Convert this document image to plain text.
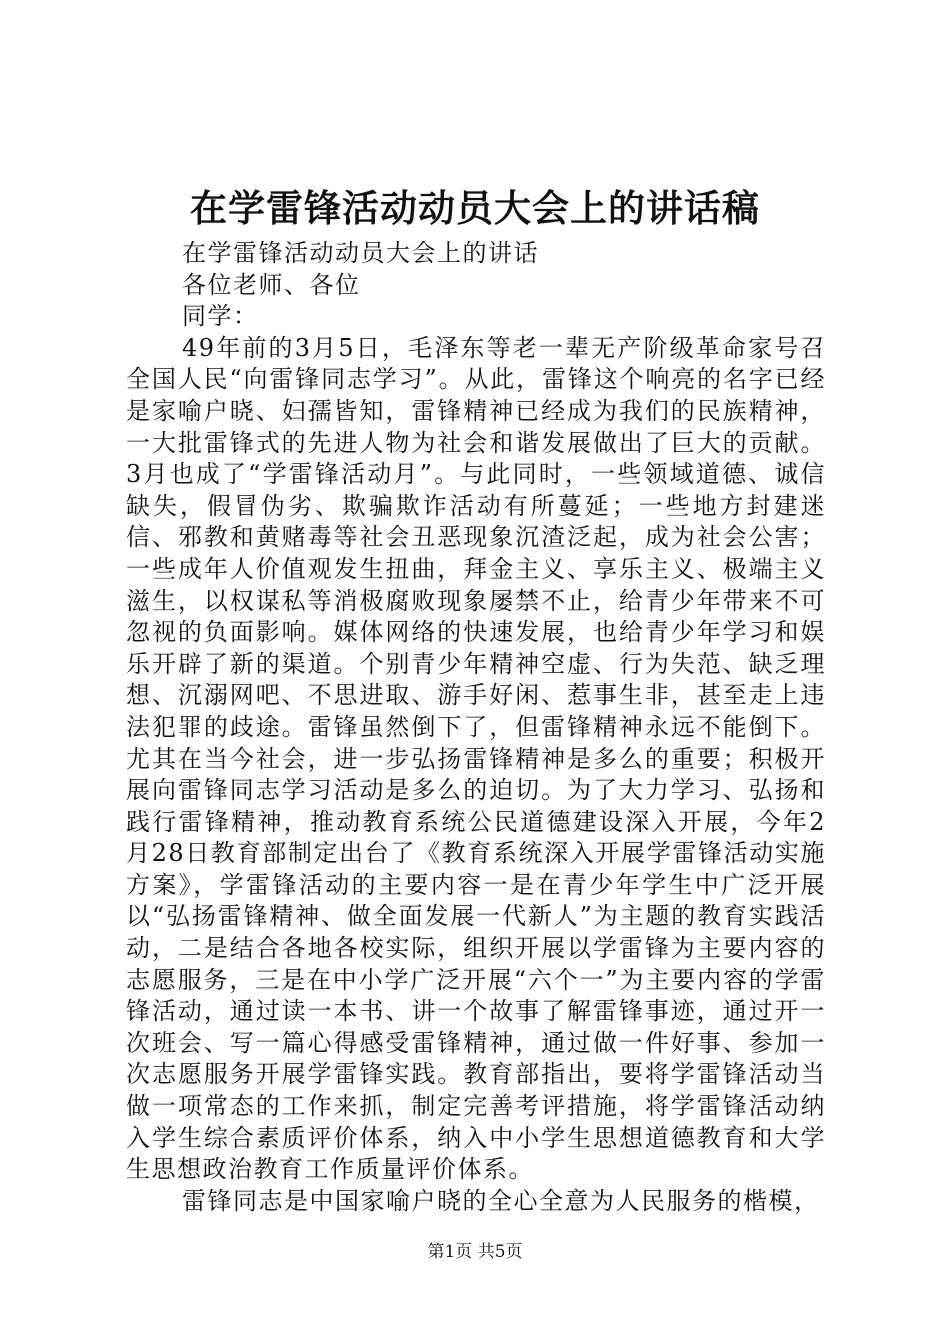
在学雷锋活动动员大会上的讲话稿

在学雷锋活动动员大会上的讲话

各位老师、各位

同学：

49年前的3月5日，毛泽东等老一辈无产阶级革命家号召全国人民“向雷锋同志学习”。从此，雷锋这个响亮的名字已经是家喻户晓、妇孺皆知，雷锋精神已经成为我们的民族精神，一大批雷锋式的先进人物为社会和谐发展做出了巨大的贡献。3月也成了“学雷锋活动月”。与此同时，一些领域道德、诚信缺失，假冒伪劣、欺骗欺诈活动有所蔓延；一些地方封建迷信、邪教和黄赌毒等社会丑恶现象沉渣泛起，成为社会公害；一些成年人价值观发生扭曲，拜金主义、享乐主义、极端主义滋生，以权谋私等消极腐败现象屡禁不止，给青少年带来不可忽视的负面影响。媒体网络的快速发展，也给青少年学习和娱乐开辟了新的渠道。个别青少年精神空虚、行为失范、缺乏理想、沉溺网吧、不思进取、游手好闲、惹事生非，甚至走上违法犯罪的歧途。雷锋虽然倒下了，但雷锋精神永远不能倒下。尤其在当今社会，进一步弘扬雷锋精神是多么的重要；积极开展向雷锋同志学习活动是多么的迫切。为了大力学习、弘扬和践行雷锋精神，推动教育系统公民道德建设深入开展，今年2月28日教育部制定出台了《教育系统深入开展学雷锋活动实施方案》，学雷锋活动的主要内容一是在青少年学生中广泛开展以“弘扬雷锋精神、做全面发展一代新人”为主题的教育实践活动，二是结合各地各校实际，组织开展以学雷锋为主要内容的志愿服务，三是在中小学广泛开展“六个一”为主要内容的学雷锋活动，通过读一本书、讲一个故事了解雷锋事迹，通过开一次班会、写一篇心得感受雷锋精神，通过做一件好事、参加一次志愿服务开展学雷锋实践。教育部指出，要将学雷锋活动当做一项常态的工作来抓，制定完善考评措施，将学雷锋活动纳入学生综合素质评价体系，纳入中小学生思想道德教育和大学生思想政治教育工作质量评价体系。

雷锋同志是中国家喻户晓的全心全意为人民服务的楷模，

第1页 共5页
